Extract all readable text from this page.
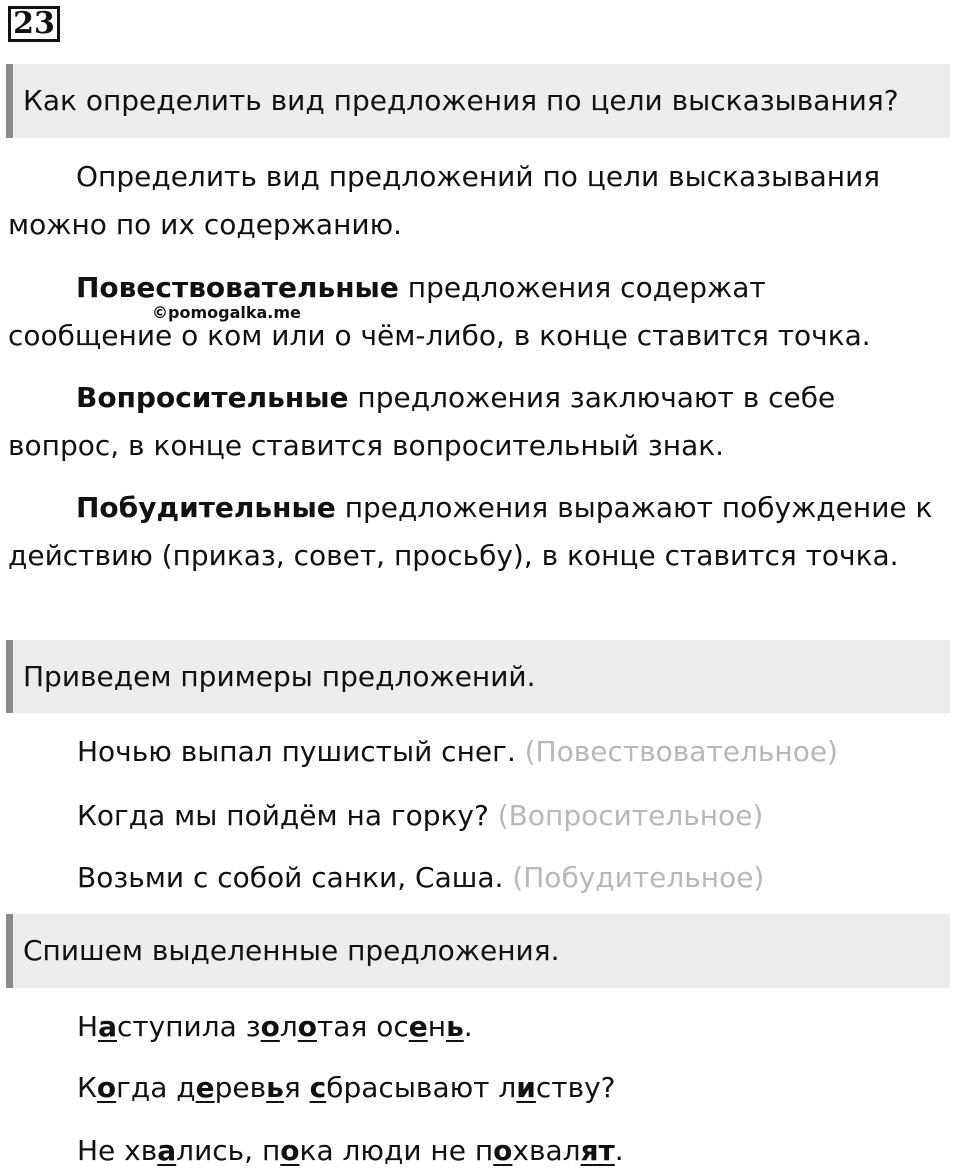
23
Как определить вид предложения по цели высказывания?
Определить вид предложений по цели высказывания можно по их содержанию.
Повествовательные предложения содержат сообщение о ком или о чём-либо, в конце ставится точка.
©pomogalka.me
Вопросительные предложения заключают в себе вопрос, в конце ставится вопросительный знак.
Побудительные предложения выражают побуждение к действию (приказ, совет, просьбу), в конце ставится точка.
Приведем примеры предложений.
Ночью выпал пушистый снег. (Повествовательное)
Когда мы пойдём на горку? (Вопросительное)
Возьми с собой санки, Саша. (Побудительное)
Спишем выделенные предложения.
Наступила золотая осень.
Когда деревья сбрасывают листву?
Не хвались, пока люди не похвалят.
